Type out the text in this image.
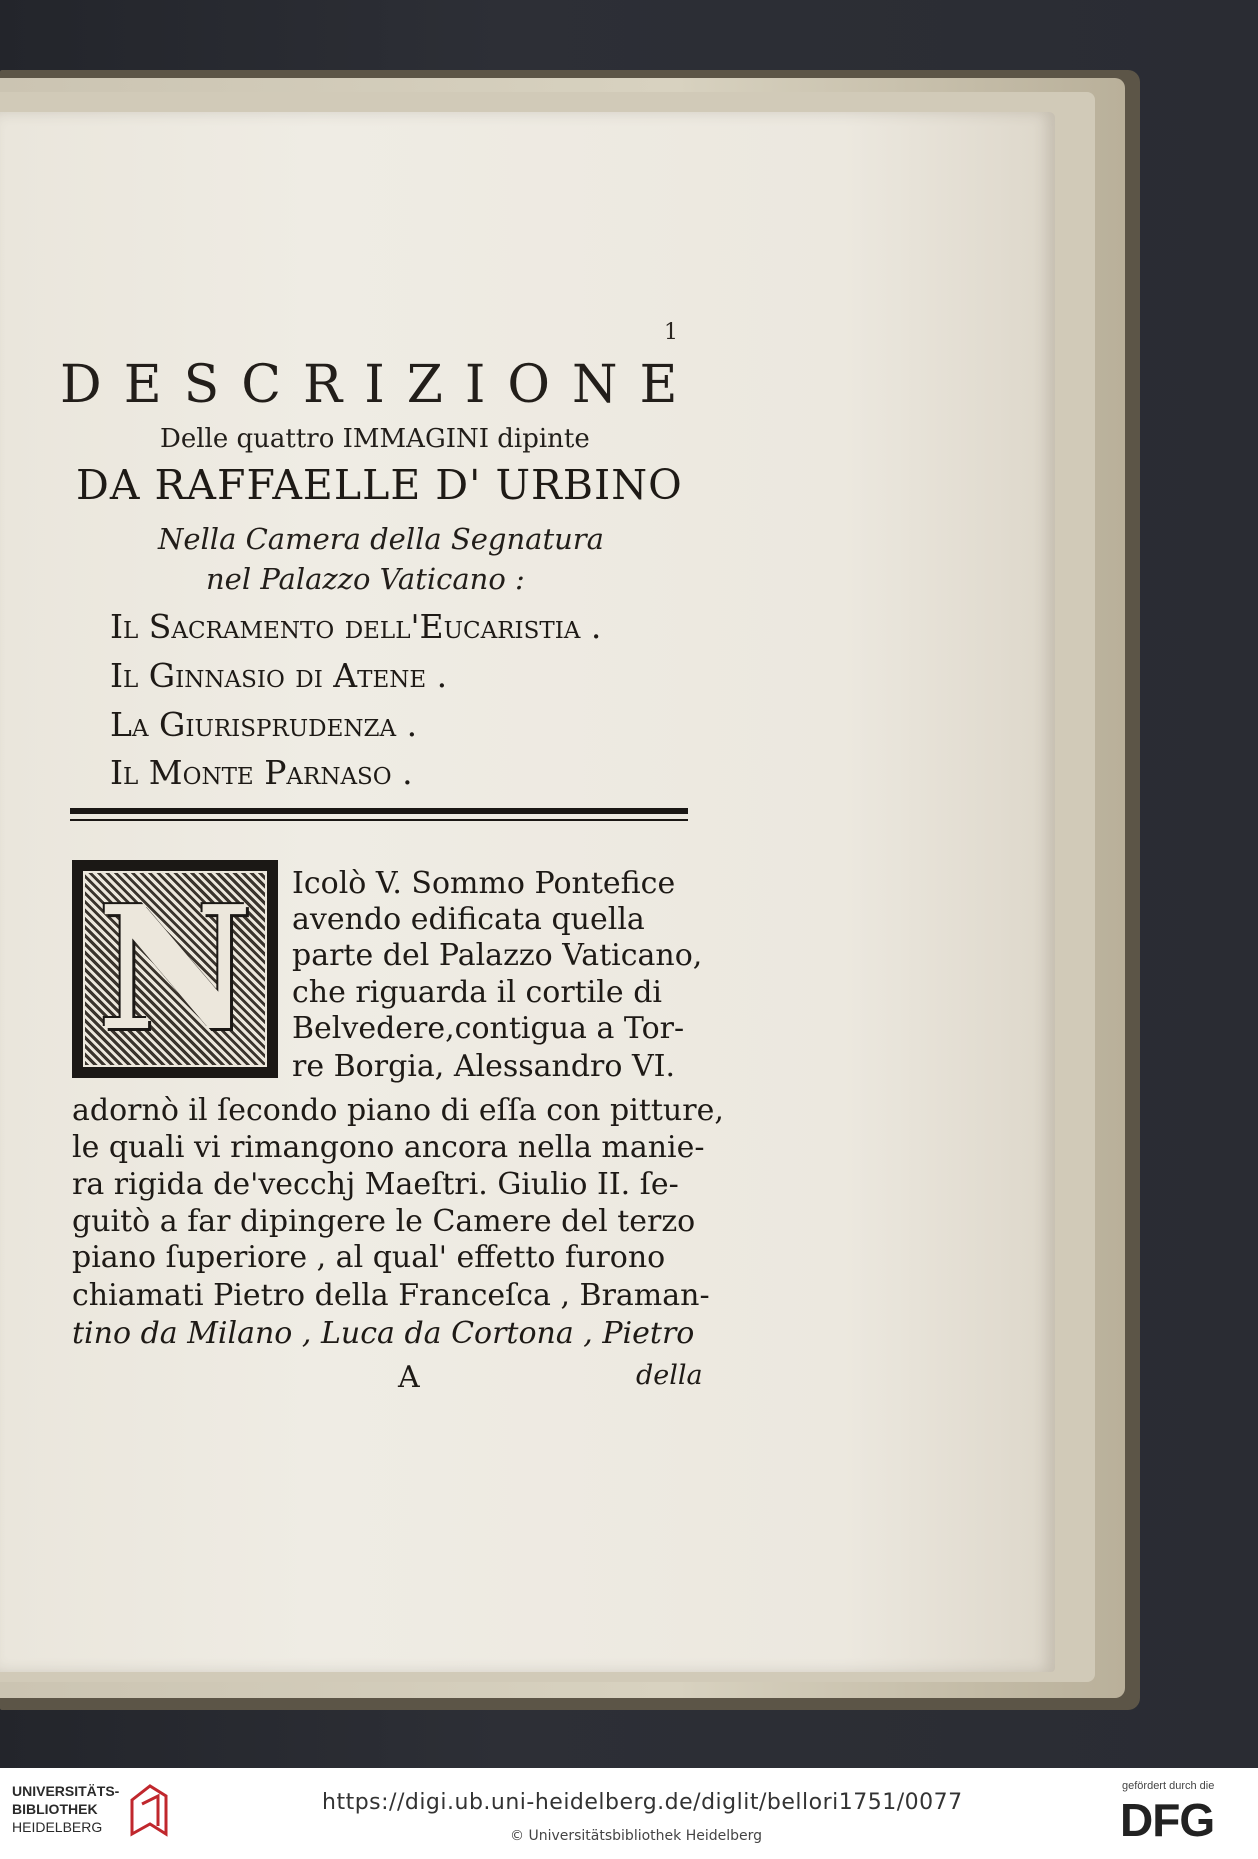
1
DESCRIZIONE
Delle quattro IMMAGINI dipinte
DA RAFFAELLE D' URBINO
Nella Camera della Segnatura
nel Palazzo Vaticano :
Il Sacramento dell'Eucaristia .
Il Ginnasio di Atene .
La Giurisprudenza .
Il Monte Parnaso .
N	Icolò V. Sommo Pontefice
avendo edificata quella
parte del Palazzo Vaticano,
che riguarda il cortile di
Belvedere,contigua a Tor-
re Borgia, Alessandro VI.
adornò il ſecondo piano di eſſa con pitture,
le quali vi rimangono ancora nella manie-
ra rigida de'vecchj Maeſtri. Giulio II. ſe-
guitò a far dipingere le Camere del terzo
piano ſuperiore , al qual' effetto furono
chiamati Pietro della Franceſca , Braman-
tino da Milano , Luca da Cortona , Pietro
A	della
UNIVERSITÄTS-
BIBLIOTHEK
HEIDELBERG
https://digi.ub.uni-heidelberg.de/diglit/bellori1751/0077
© Universitätsbibliothek Heidelberg
gefördert durch die
DFG
